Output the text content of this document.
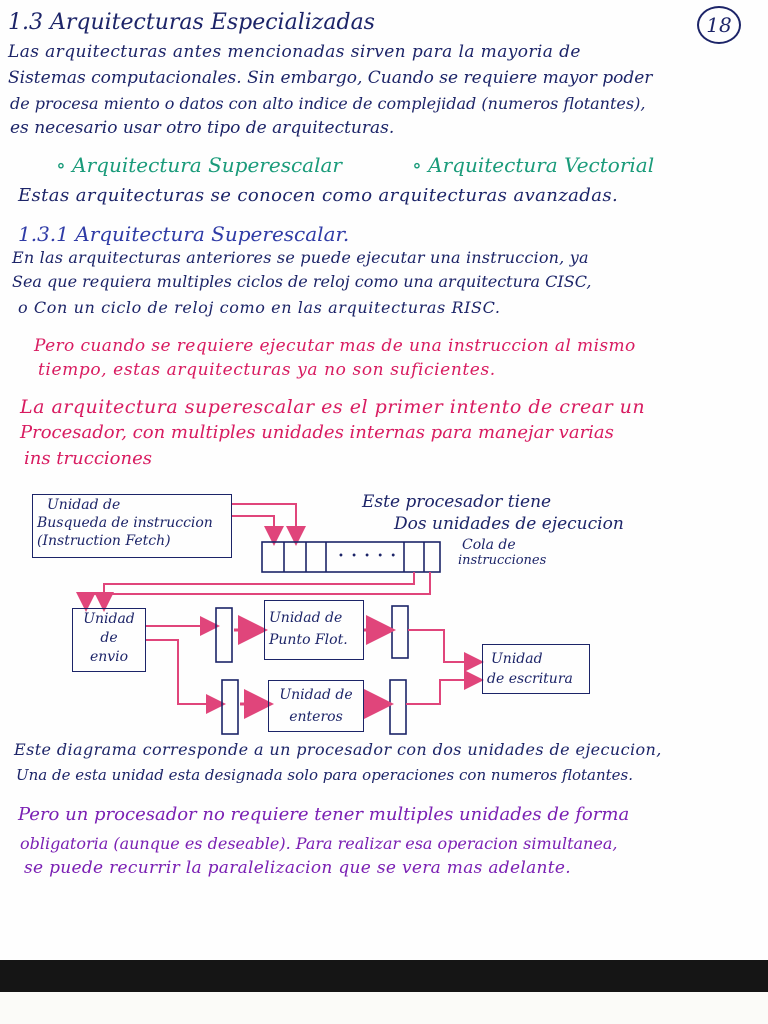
1.3 Arquitecturas Especializadas	18
Las arquitecturas antes mencionadas sirven para la mayoria de
Sistemas computacionales. Sin embargo, Cuando se requiere mayor poder
de procesa miento o datos con alto indice de complejidad (numeros flotantes),
es necesario usar otro tipo de arquitecturas.
∘ Arquitectura Superescalar	∘ Arquitectura Vectorial
Estas arquitecturas se conocen como arquitecturas avanzadas.
1.3.1 Arquitectura Superescalar.
En las arquitecturas anteriores se puede ejecutar una instruccion, ya
Sea que requiera multiples ciclos de reloj como una arquitectura CISC,
o Con un ciclo de reloj como en las arquitecturas RISC.
Pero cuando se requiere ejecutar mas de una instruccion al mismo
tiempo, estas arquitecturas ya no son suficientes.
La arquitectura superescalar es el primer intento de crear un
Procesador, con multiples unidades internas para manejar varias
ins trucciones
Unidad de
Busqueda de instruccion
(Instruction Fetch)
Este procesador tiene
Dos unidades de ejecucion
• • • • •
Cola de
instrucciones
Unidad
de
envio
Unidad de
Punto Flot.
Unidad de
enteros
Unidad
de escritura
Este diagrama corresponde a un procesador con dos unidades de ejecucion,
Una de esta unidad esta designada solo para operaciones con numeros flotantes.
Pero un procesador no requiere tener multiples unidades de forma
obligatoria (aunque es deseable). Para realizar esa operacion simultanea,
se puede recurrir la paralelizacion que se vera mas adelante.
